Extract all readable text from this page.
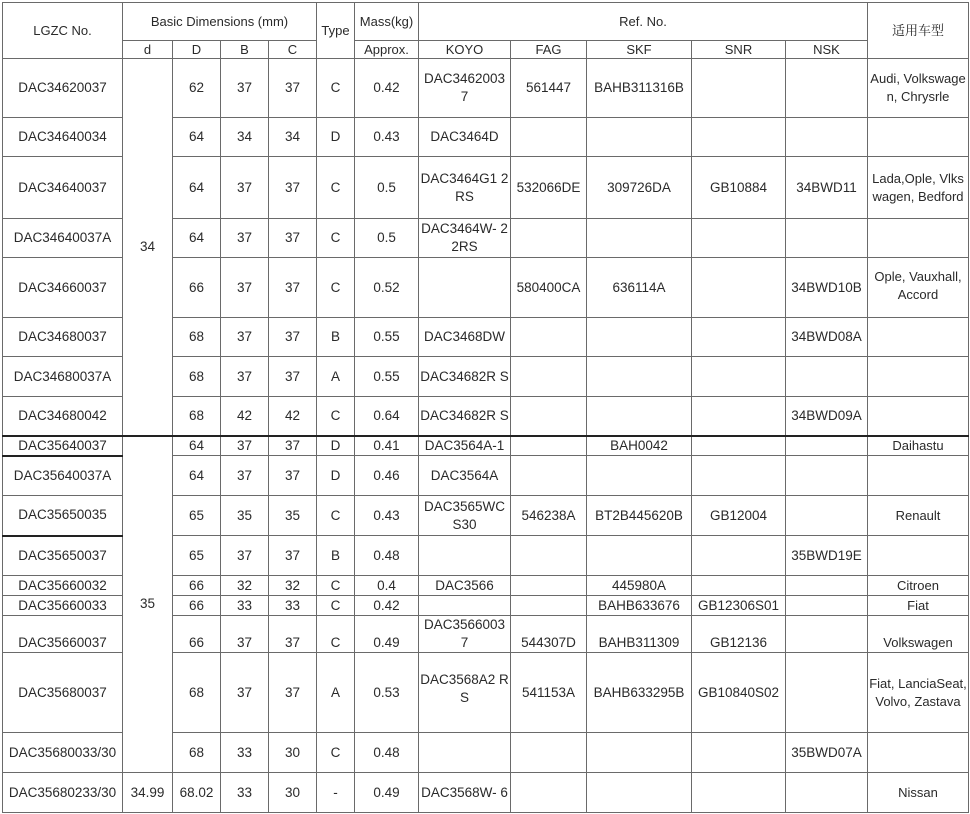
LGZC No.	Basic Dimensions (mm)				Type	Mass(kg)	Ref. No.					适用车型
	d	D	B	C		Approx.	KOYO	FAG	SKF	SNR	NSK	
DAC34620037	34	62	37	37	C	0.42	DAC3462003 7	561447	BAHB311316B			Audi, Volkswagen, Chrysrle
DAC34640034		64	34	34	D	0.43	DAC3464D					
DAC34640037		64	37	37	C	0.5	DAC3464G1 2RS	532066DE	309726DA	GB10884	34BWD11	Lada,Ople, Vlkswagen, Bedford
DAC34640037A		64	37	37	C	0.5	DAC3464W- 22RS					
DAC34660037		66	37	37	C	0.52		580400CA	636114A		34BWD10B	Ople, Vauxhall, Accord
DAC34680037		68	37	37	B	0.55	DAC3468DW				34BWD08A	
DAC34680037A		68	37	37	A	0.55	DAC34682R S					
DAC34680042		68	42	42	C	0.64	DAC34682R S				34BWD09A	
DAC35640037	35	64	37	37	D	0.41	DAC3564A-1		BAH0042			Daihastu
DAC35640037A		64	37	37	D	0.46	DAC3564A					
DAC35650035		65	35	35	C	0.43	DAC3565WC S30	546238A	BT2B445620B	GB12004		Renault
DAC35650037		65	37	37	B	0.48					35BWD19E	
DAC35660032		66	32	32	C	0.4	DAC3566		445980A			Citroen
DAC35660033		66	33	33	C	0.42			BAHB633676	GB12306S01		Fiat
DAC35660037		66	37	37	C	0.49	DAC3566003 7	544307D	BAHB311309	GB12136		Volkswagen
DAC35680037		68	37	37	A	0.53	DAC3568A2 RS	541153A	BAHB633295B	GB10840S02		Fiat, LanciaSeat, Volvo, Zastava
DAC35680033/30		68	33	30	C	0.48					35BWD07A	
DAC35680233/30	34.99	68.02	33	30	-	0.49	DAC3568W- 6					Nissan
